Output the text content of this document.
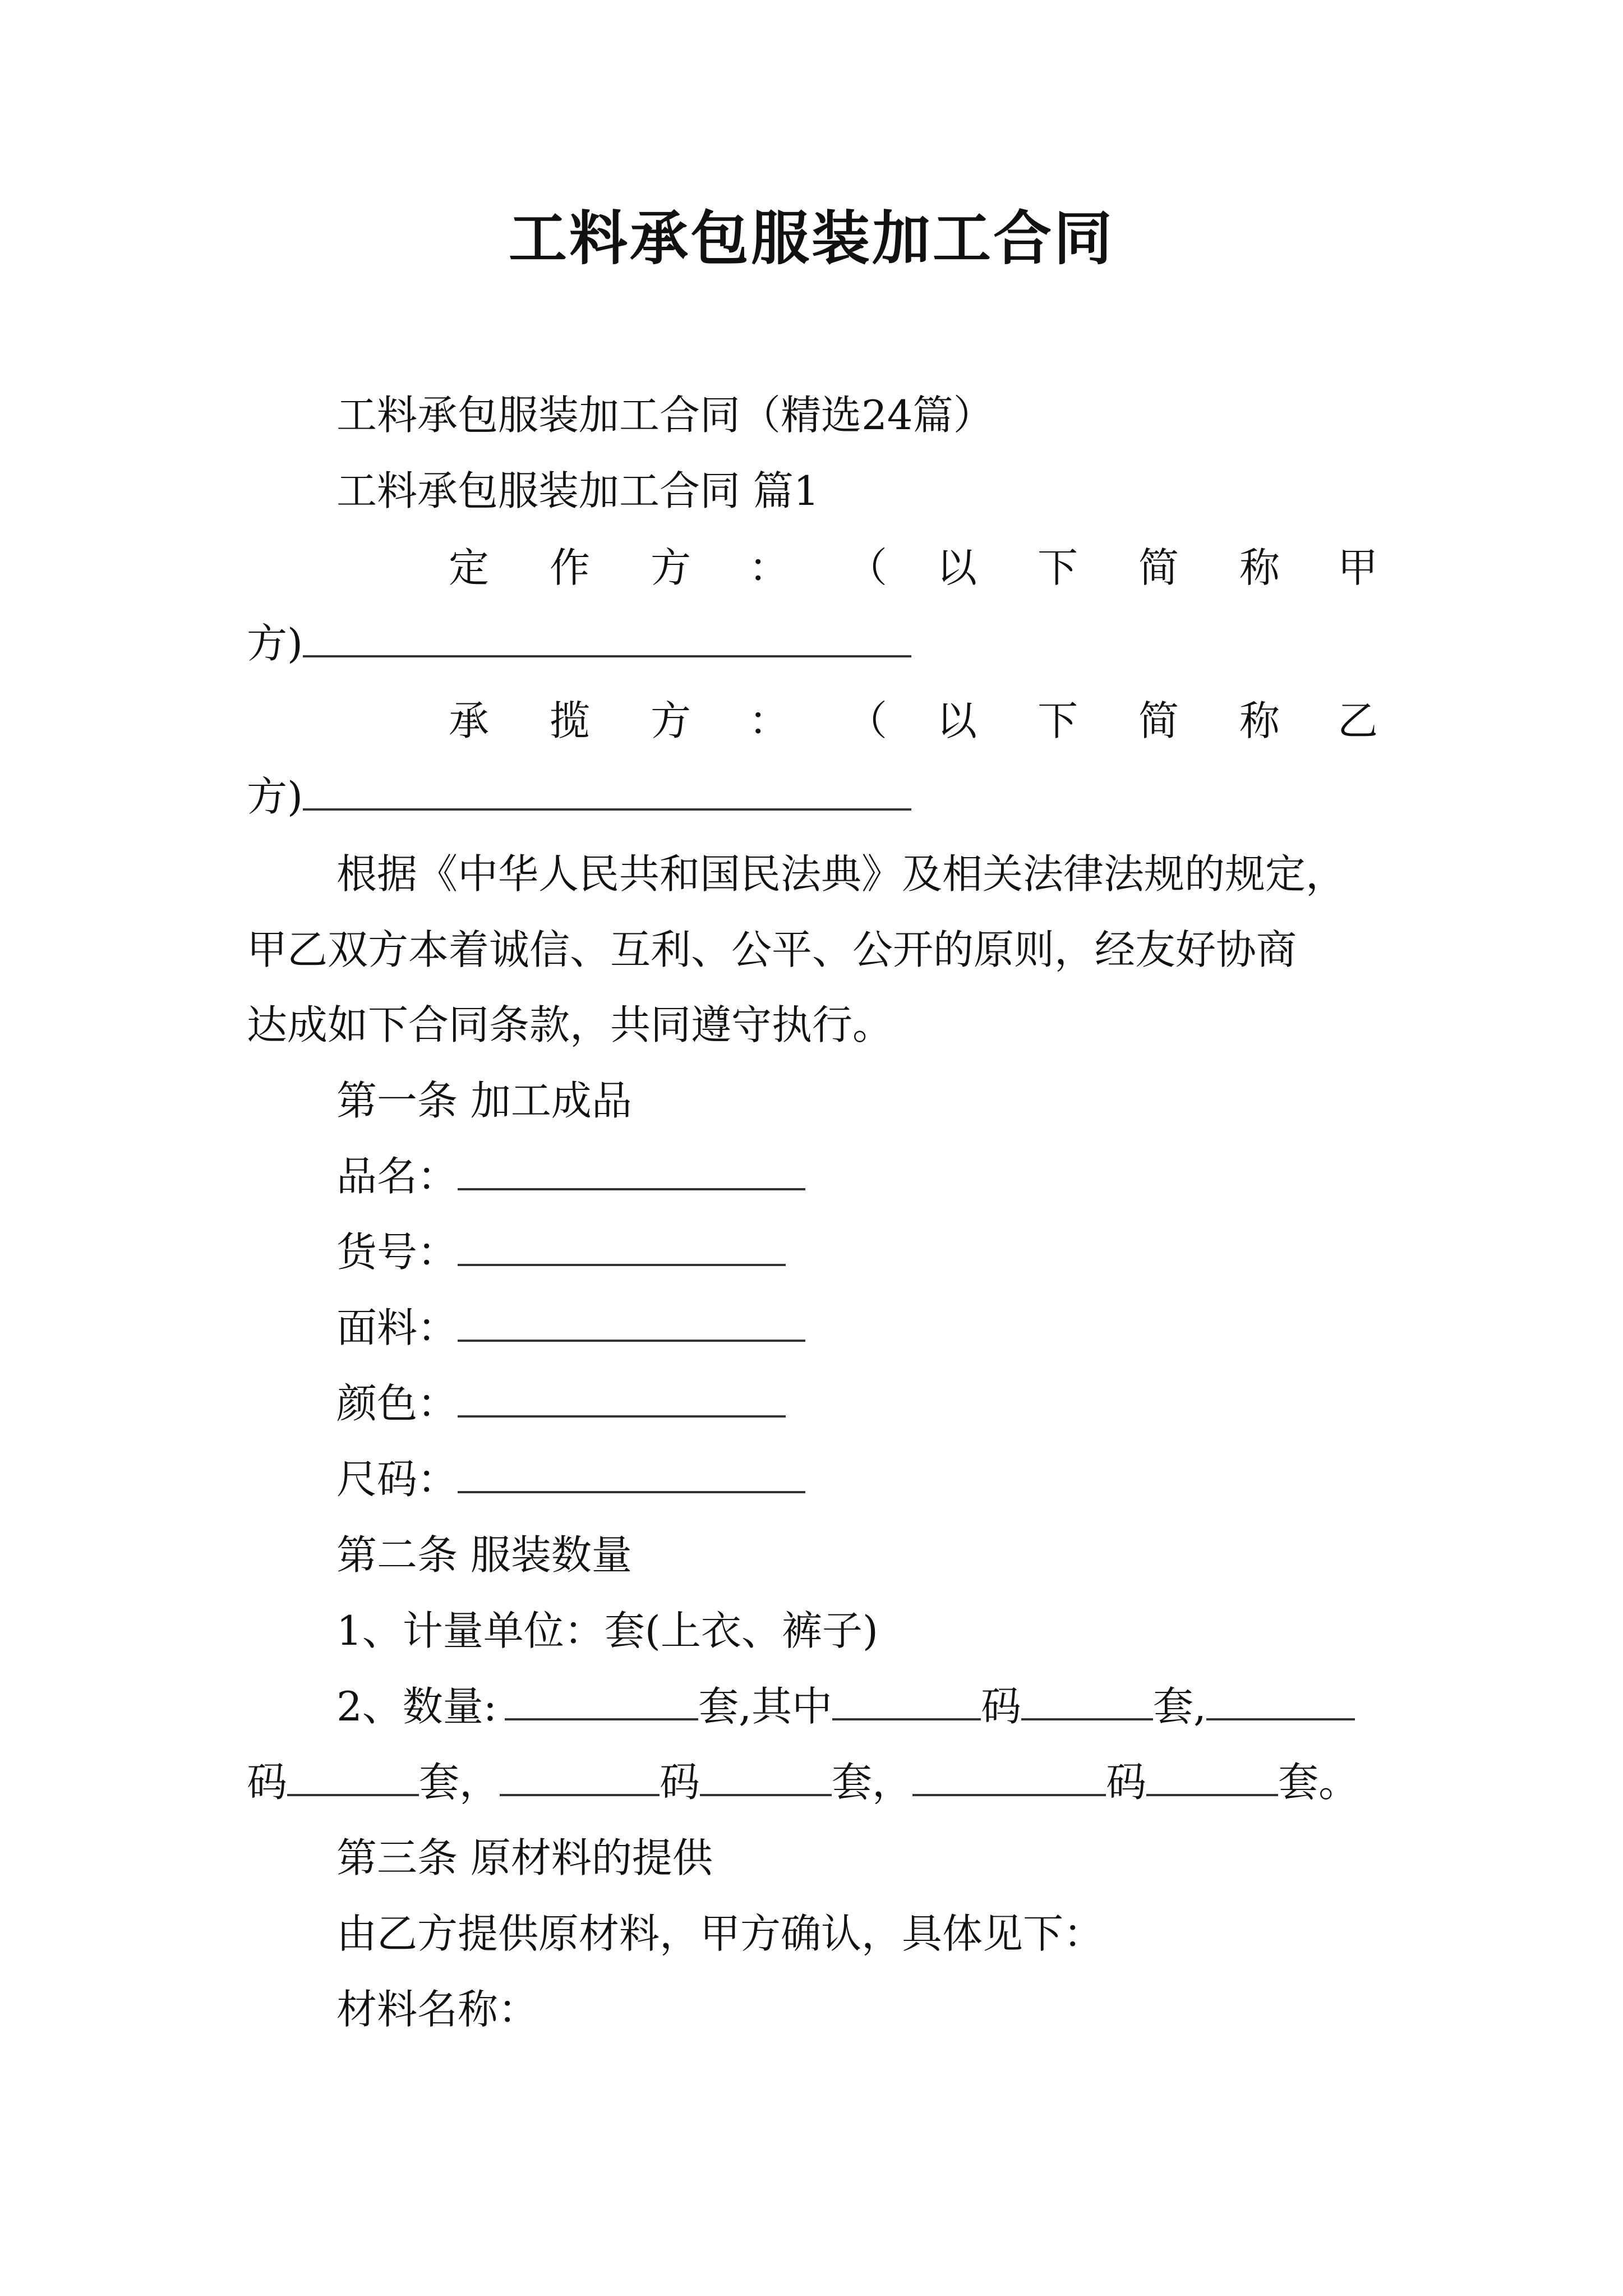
工料承包服装加工合同
工料承包服装加工合同（精选24篇）
工料承包服装加工合同 篇1
定 作 方 ： （ 以 下 简 称 甲
方)
承 揽 方 ： （ 以 下 简 称 乙
方)
根据《中华人民共和国民法典》及相关法律法规的规定，
甲乙双方本着诚信、互利、公平、公开的原则，经友好协商
达成如下合同条款，共同遵守执行。
第一条 加工成品
品名：
货号：
面料：
颜色：
尺码：
第二条 服装数量
1、计量单位：套(上衣、裤子)
2、数量:	套,其中	码	套,
码	套，	码	套，	码	套。
第三条 原材料的提供
由乙方提供原材料，甲方确认，具体见下：
材料名称：
